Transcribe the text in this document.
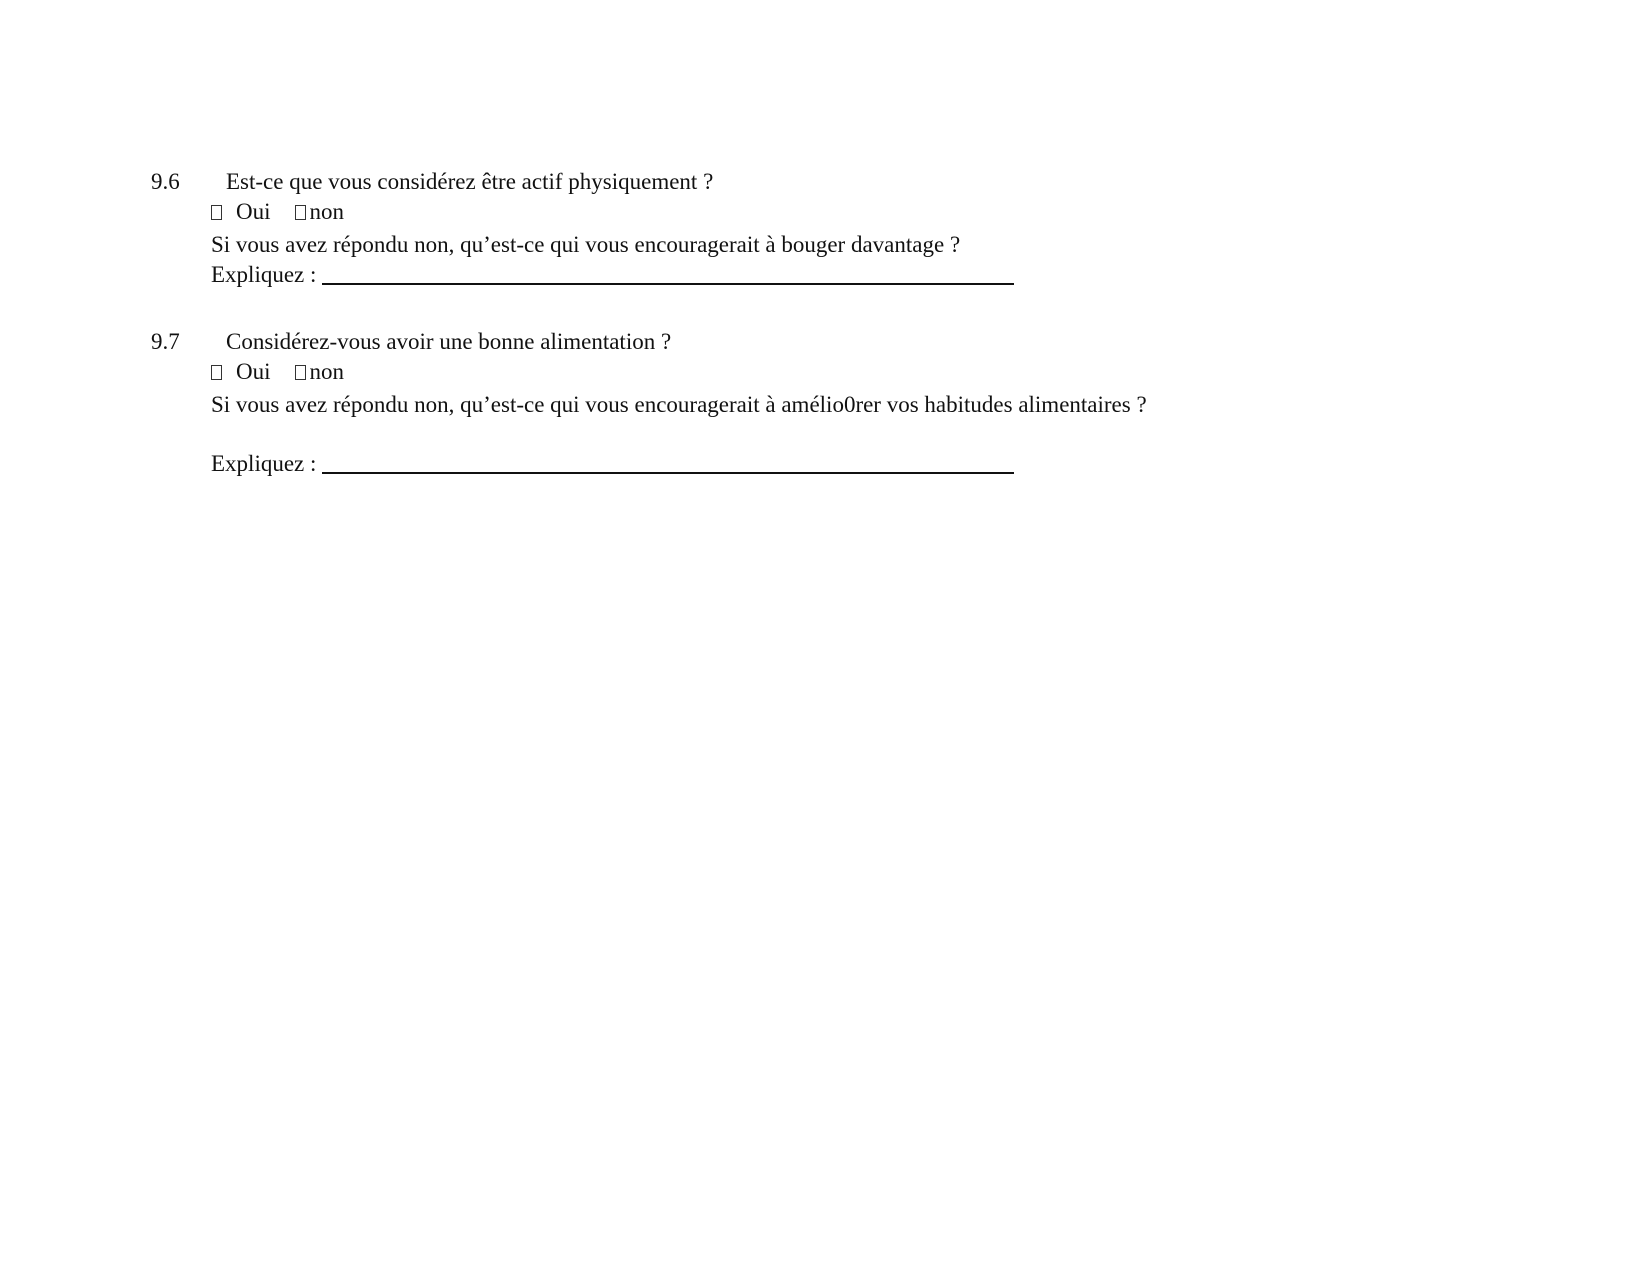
9.6 Est-ce que vous considérez être actif physiquement ?
Oui non
Si vous avez répondu non, qu’est-ce qui vous encouragerait à bouger davantage ?
Expliquez :
9.7 Considérez-vous avoir une bonne alimentation ?
Oui non
Si vous avez répondu non, qu’est-ce qui vous encouragerait à amélio0rer vos habitudes alimentaires ?
Expliquez :
